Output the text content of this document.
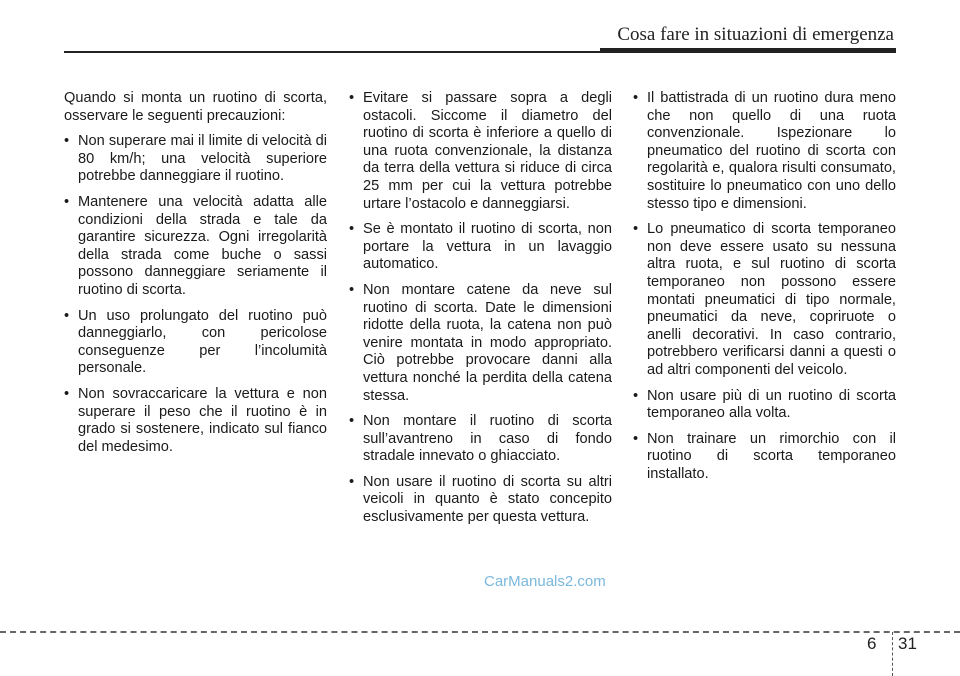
Cosa fare in situazioni di emergenza

Quando si monta un ruotino di scorta, osservare le seguenti precauzioni:

• Non superare mai il limite di velocità di 80 km/h; una velocità superiore potrebbe danneggiare il ruotino.
• Mantenere una velocità adatta alle condizioni della strada e tale da garantire sicurezza. Ogni irregolarità della strada come buche o sassi possono danneggiare seriamente il ruotino di scorta.
• Un uso prolungato del ruotino può danneggiarlo, con pericolose conseguenze per l’incolumità personale.
• Non sovraccaricare la vettura e non superare il peso che il ruotino è in grado si sostenere, indicato sul fianco del medesimo.
• Evitare si passare sopra a degli ostacoli. Siccome il diametro del ruotino di scorta è inferiore a quello di una ruota convenzionale, la distanza da terra della vettura si riduce di circa 25 mm per cui la vettura potrebbe urtare l’ostacolo e danneggiarsi.
• Se è montato il ruotino di scorta, non portare la vettura in un lavaggio automatico.
• Non montare catene da neve sul ruotino di scorta. Date le dimensioni ridotte della ruota, la catena non può venire montata in modo appropriato. Ciò potrebbe provocare danni alla vettura nonché la perdita della catena stessa.
• Non montare il ruotino di scorta sull’avantreno in caso di fondo stradale innevato o ghiacciato.
• Non usare il ruotino di scorta su altri veicoli in quanto è stato concepito esclusivamente per questa vettura.
• Il battistrada di un ruotino dura meno che non quello di una ruota convenzionale. Ispezionare lo pneumatico del ruotino di scorta con regolarità e, qualora risulti consumato, sostituire lo pneumatico con uno dello stesso tipo e dimensioni.
• Lo pneumatico di scorta temporaneo non deve essere usato su nessuna altra ruota, e sul ruotino di scorta temporaneo non possono essere montati pneumatici di tipo normale, pneumatici da neve, copriruote o anelli decorativi. In caso contrario, potrebbero verificarsi danni a questi o ad altri componenti del veicolo.
• Non usare più di un ruotino di scorta temporaneo alla volta.
• Non trainare un rimorchio con il ruotino di scorta temporaneo installato.
CarManuals2.com
6 31
